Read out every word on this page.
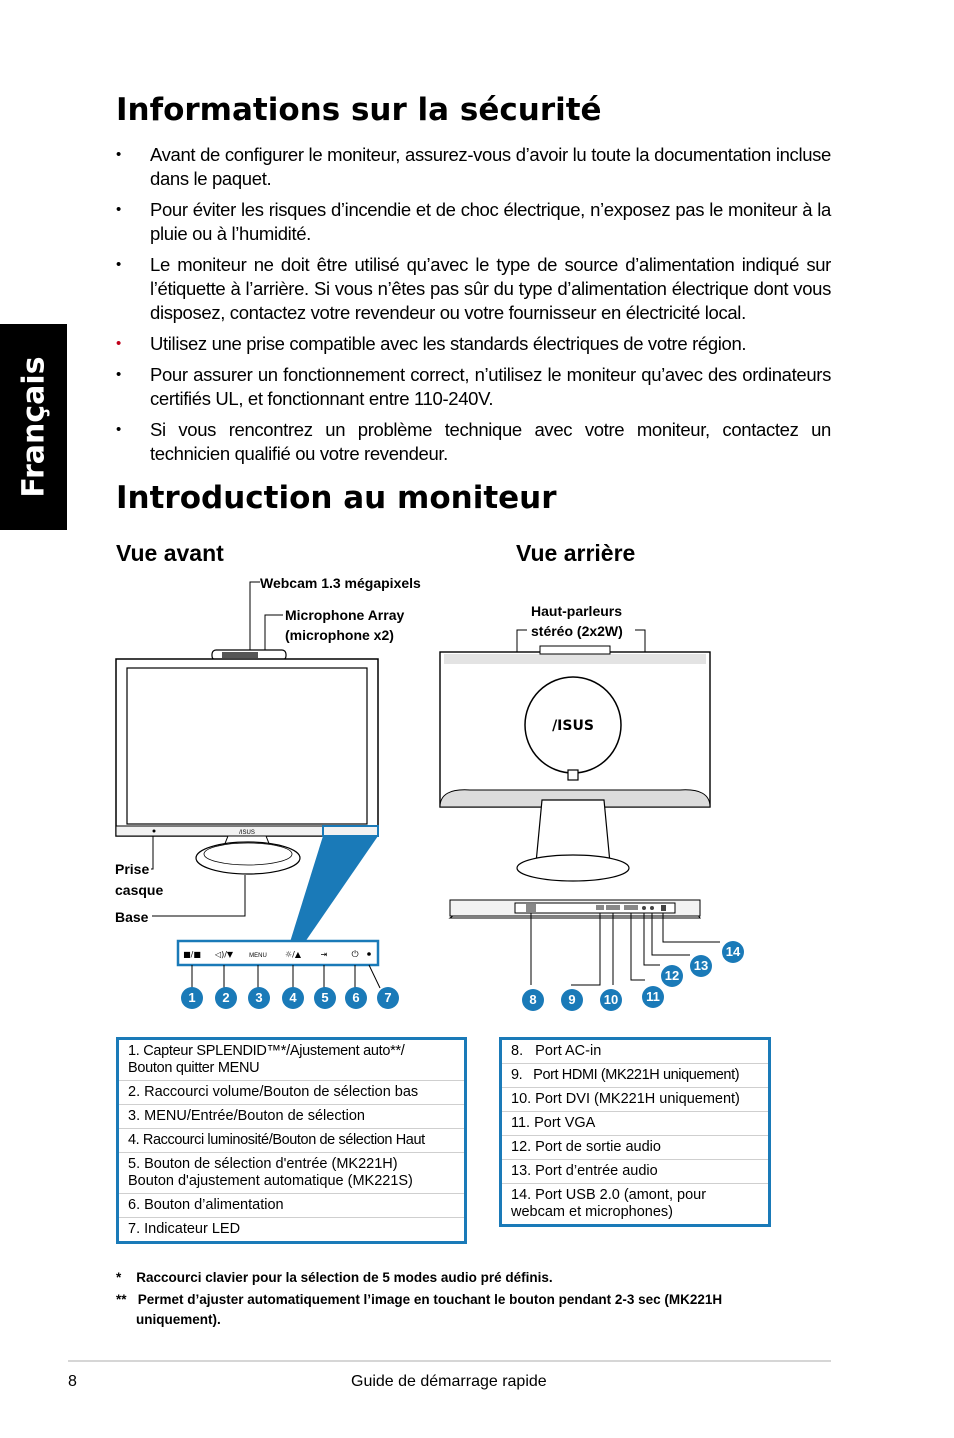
Français
Informations sur la sécurité
• Avant de configurer le moniteur, assurez-vous d’avoir lu toute la documentation incluse dans le paquet.
• Pour éviter les risques d’incendie et de choc électrique, n’exposez pas le moniteur à la pluie ou à l’humidité.
• Le moniteur ne doit être utilisé qu’avec le type de source d’alimentation indiqué sur l’étiquette à l’arrière. Si vous n’êtes pas sûr du type d’alimentation électrique dont vous disposez, contactez votre revendeur ou votre fournisseur en électricité local.
• Utilisez une prise compatible avec les standards électriques de votre région.
• Pour assurer un fonctionnement correct, n’utilisez le moniteur qu’avec des ordinateurs certifiés UL, et fonctionnant entre 110-240V.
• Si vous rencontrez un problème technique avec votre moniteur, contactez un technicien qualifié ou votre revendeur.
Introduction au moniteur
Vue avant	Vue arrière
Webcam 1.3 mégapixels
Microphone Array
(microphone x2)
Prise
casque
Base
Haut-parleurs
stéréo (2x2W)
/ISUS
■/■ ◁)/▼	MENU ☼/▲ ⇥	⏻
1	2	3	4	5	6	7
/ISUS
8	9	10	11
12
13
14
1. Capteur SPLENDID™*/Ajustement auto**/
Bouton quitter MENU
2. Raccourci volume/Bouton de sélection bas
3. MENU/Entrée/Bouton de sélection
4. Raccourci luminosité/Bouton de sélection Haut
5. Bouton de sélection d'entrée (MK221H)
Bouton d'ajustement automatique (MK221S)
6. Bouton d’alimentation
7. Indicateur LED
8.   Port AC-in
9.   Port HDMI (MK221H uniquement)
10. Port DVI (MK221H uniquement)
11. Port VGA
12. Port de sortie audio
13. Port d’entrée audio
14. Port USB 2.0 (amont, pour
webcam et microphones)
*    Raccourci clavier pour la sélection de 5 modes audio pré définis.
**   Permet d’ajuster automatiquement l’image en touchant le bouton pendant 2-3 sec (MK221H
uniquement).
8	Guide de démarrage rapide
